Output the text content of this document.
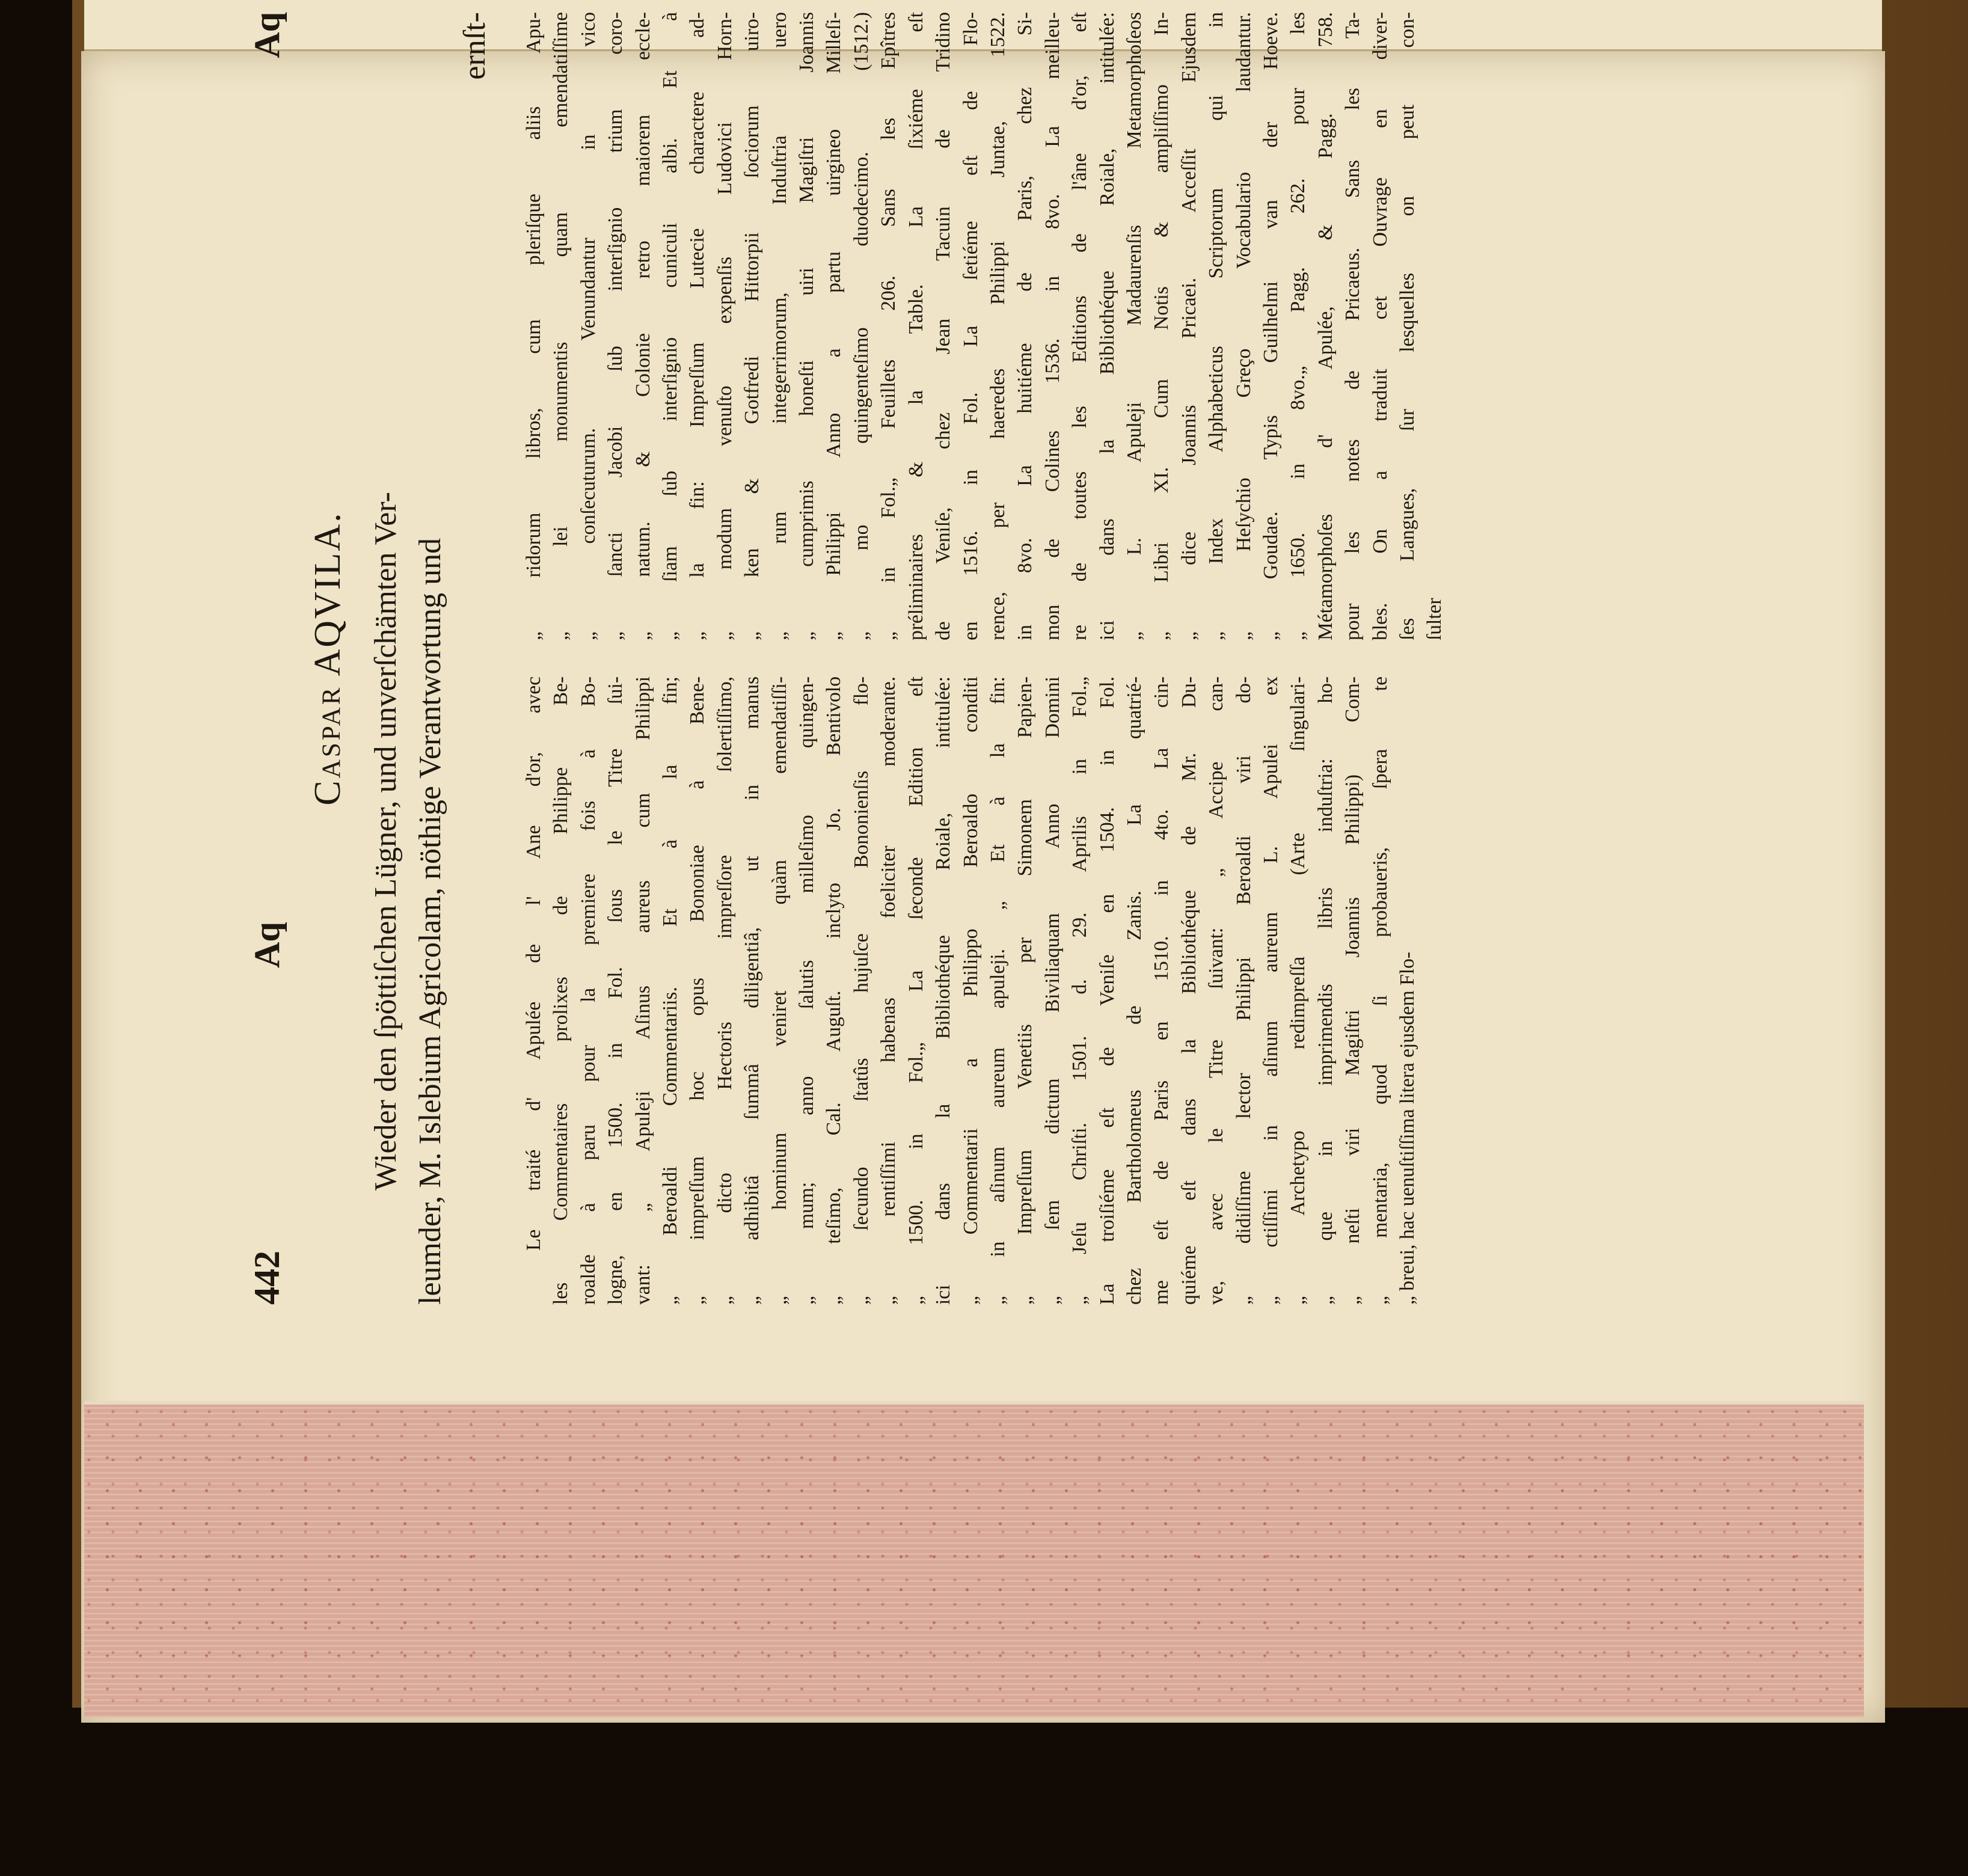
442
Aq
Aq
Caspar AQVILA. Wieder den ſpöttiſchen Lügner, und unverſchämten Ver- leumder, M. Islebium Agricolam, nöthige Verantwortung und

ernſt-

Le traité d' Apulée de l' Ane d'or, avec les Commentaires prolixes de Philippe Be- roalde à paru pour la premiere fois à Bo- logne, en 1500. in Fol. ſous le Titre ſui- vant: „ Apuleji Aſinus aureus cum Philippi „ Beroaldi Commentariis. Et à la fin; „ impreſſum hoc opus Bononiae à Bene- „ dicto Hectoris impreſſore ſolertiſſimo, „ adhibitâ ſummâ diligentiâ, ut in manus „ hominum veniret quàm emendatiſſi- „ mum; anno ſalutis milleſimo quingen- „ teſimo, Cal. Auguſt. inclyto Jo. Bentivolo „ ſecundo ſtatûs hujuſce Bononienſis flo- „ rentiſſimi habenas foeliciter moderante. „ 1500. in Fol.„ La ſeconde Edition eſt ici dans la Bibliothéque Roiale, intitulée: „ Commentarii a Philippo Beroaldo conditi „ in aſinum aureum apuleji. „ Et à la fin: „ Impreſſum Venetiis per Simonem Papien- „ ſem dictum Biviliaquam Anno Domini „ Jeſu Chriſti. 1501. d. 29. Aprilis in Fol.„ La troiſiéme eſt de Veniſe en 1504. in Fol. chez Bartholomeus de Zanis. La quatrié- me eſt de Paris en 1510. in 4to. La cin- quiéme eſt dans la Bibliothéque de Mr. Du- ve, avec le Titre ſuivant: „ Accipe can- „ didiſſime lector Philippi Beroaldi viri do- „ ctiſſimi in aſinum aureum L. Apulei ex „ Archetypo redimpreſſa (Arte ſingulari- „ que in imprimendis libris induſtria: ho- „ neſti viri Magiſtri Joannis Philippi) Com- „ mentaria, quod ſi probaueris, ſpera te „ breui, hac uenuſtiſſima litera ejusdem Flo-
„ ridorum libros, cum pleriſque aliis Apu- „ lei monumentis quam emendatiſſime „ conſecuturum. Venundantur in vico „ ſancti Jacobi ſub interſignio trium coro- „ natum. & Colonie retro maiorem eccle- „ ſiam ſub interſignio cuniculi albi. Et à „ la fin: Impreſſum Lutecie charactere ad- „ modum venuſto expenſis Ludovici Horn- „ ken & Gotfredi Hittorpii ſociorum uiro- „ rum integerrimorum, Induſtria uero „ cumprimis honeſti uiri Magiſtri Joannis „ Philippi Anno a partu uirgineo Milleſi- „ mo quingenteſimo duodecimo. (1512.) „ in Fol.„ Feuillets 206. Sans les Epîtres préliminaires & la Table. La ſixiéme eſt de Veniſe, chez Jean Tacuin de Tridino en 1516. in Fol. La ſetiéme eſt de Flo- rence, per haeredes Philippi Juntae, 1522. in 8vo. La huitiéme de Paris, chez Si- mon de Colines 1536. in 8vo. La meilleu- re de toutes les Editions de l'âne d'or, eſt ici dans la Bibliothéque Roiale, intitulée: „ L. Apuleji Madaurenſis Metamorphoſeos „ Libri XI. Cum Notis & ampliſſimo In- „ dice Joannis Pricaei. Acceſſit Ejusdem „ Index Alphabeticus Scriptorum qui in „ Heſychio Greço Vocabulario laudantur. „ Goudae. Typis Guilhelmi van der Hoeve. „ 1650. in 8vo.„ Pagg. 262. pour les Métamorphoſes d' Apulée, & Pagg. 758. pour les notes de Pricaeus. Sans les Ta- bles. On a traduit cet Ouvrage en diver- ſes Langues, ſur lesquelles on peut con- ſulter
